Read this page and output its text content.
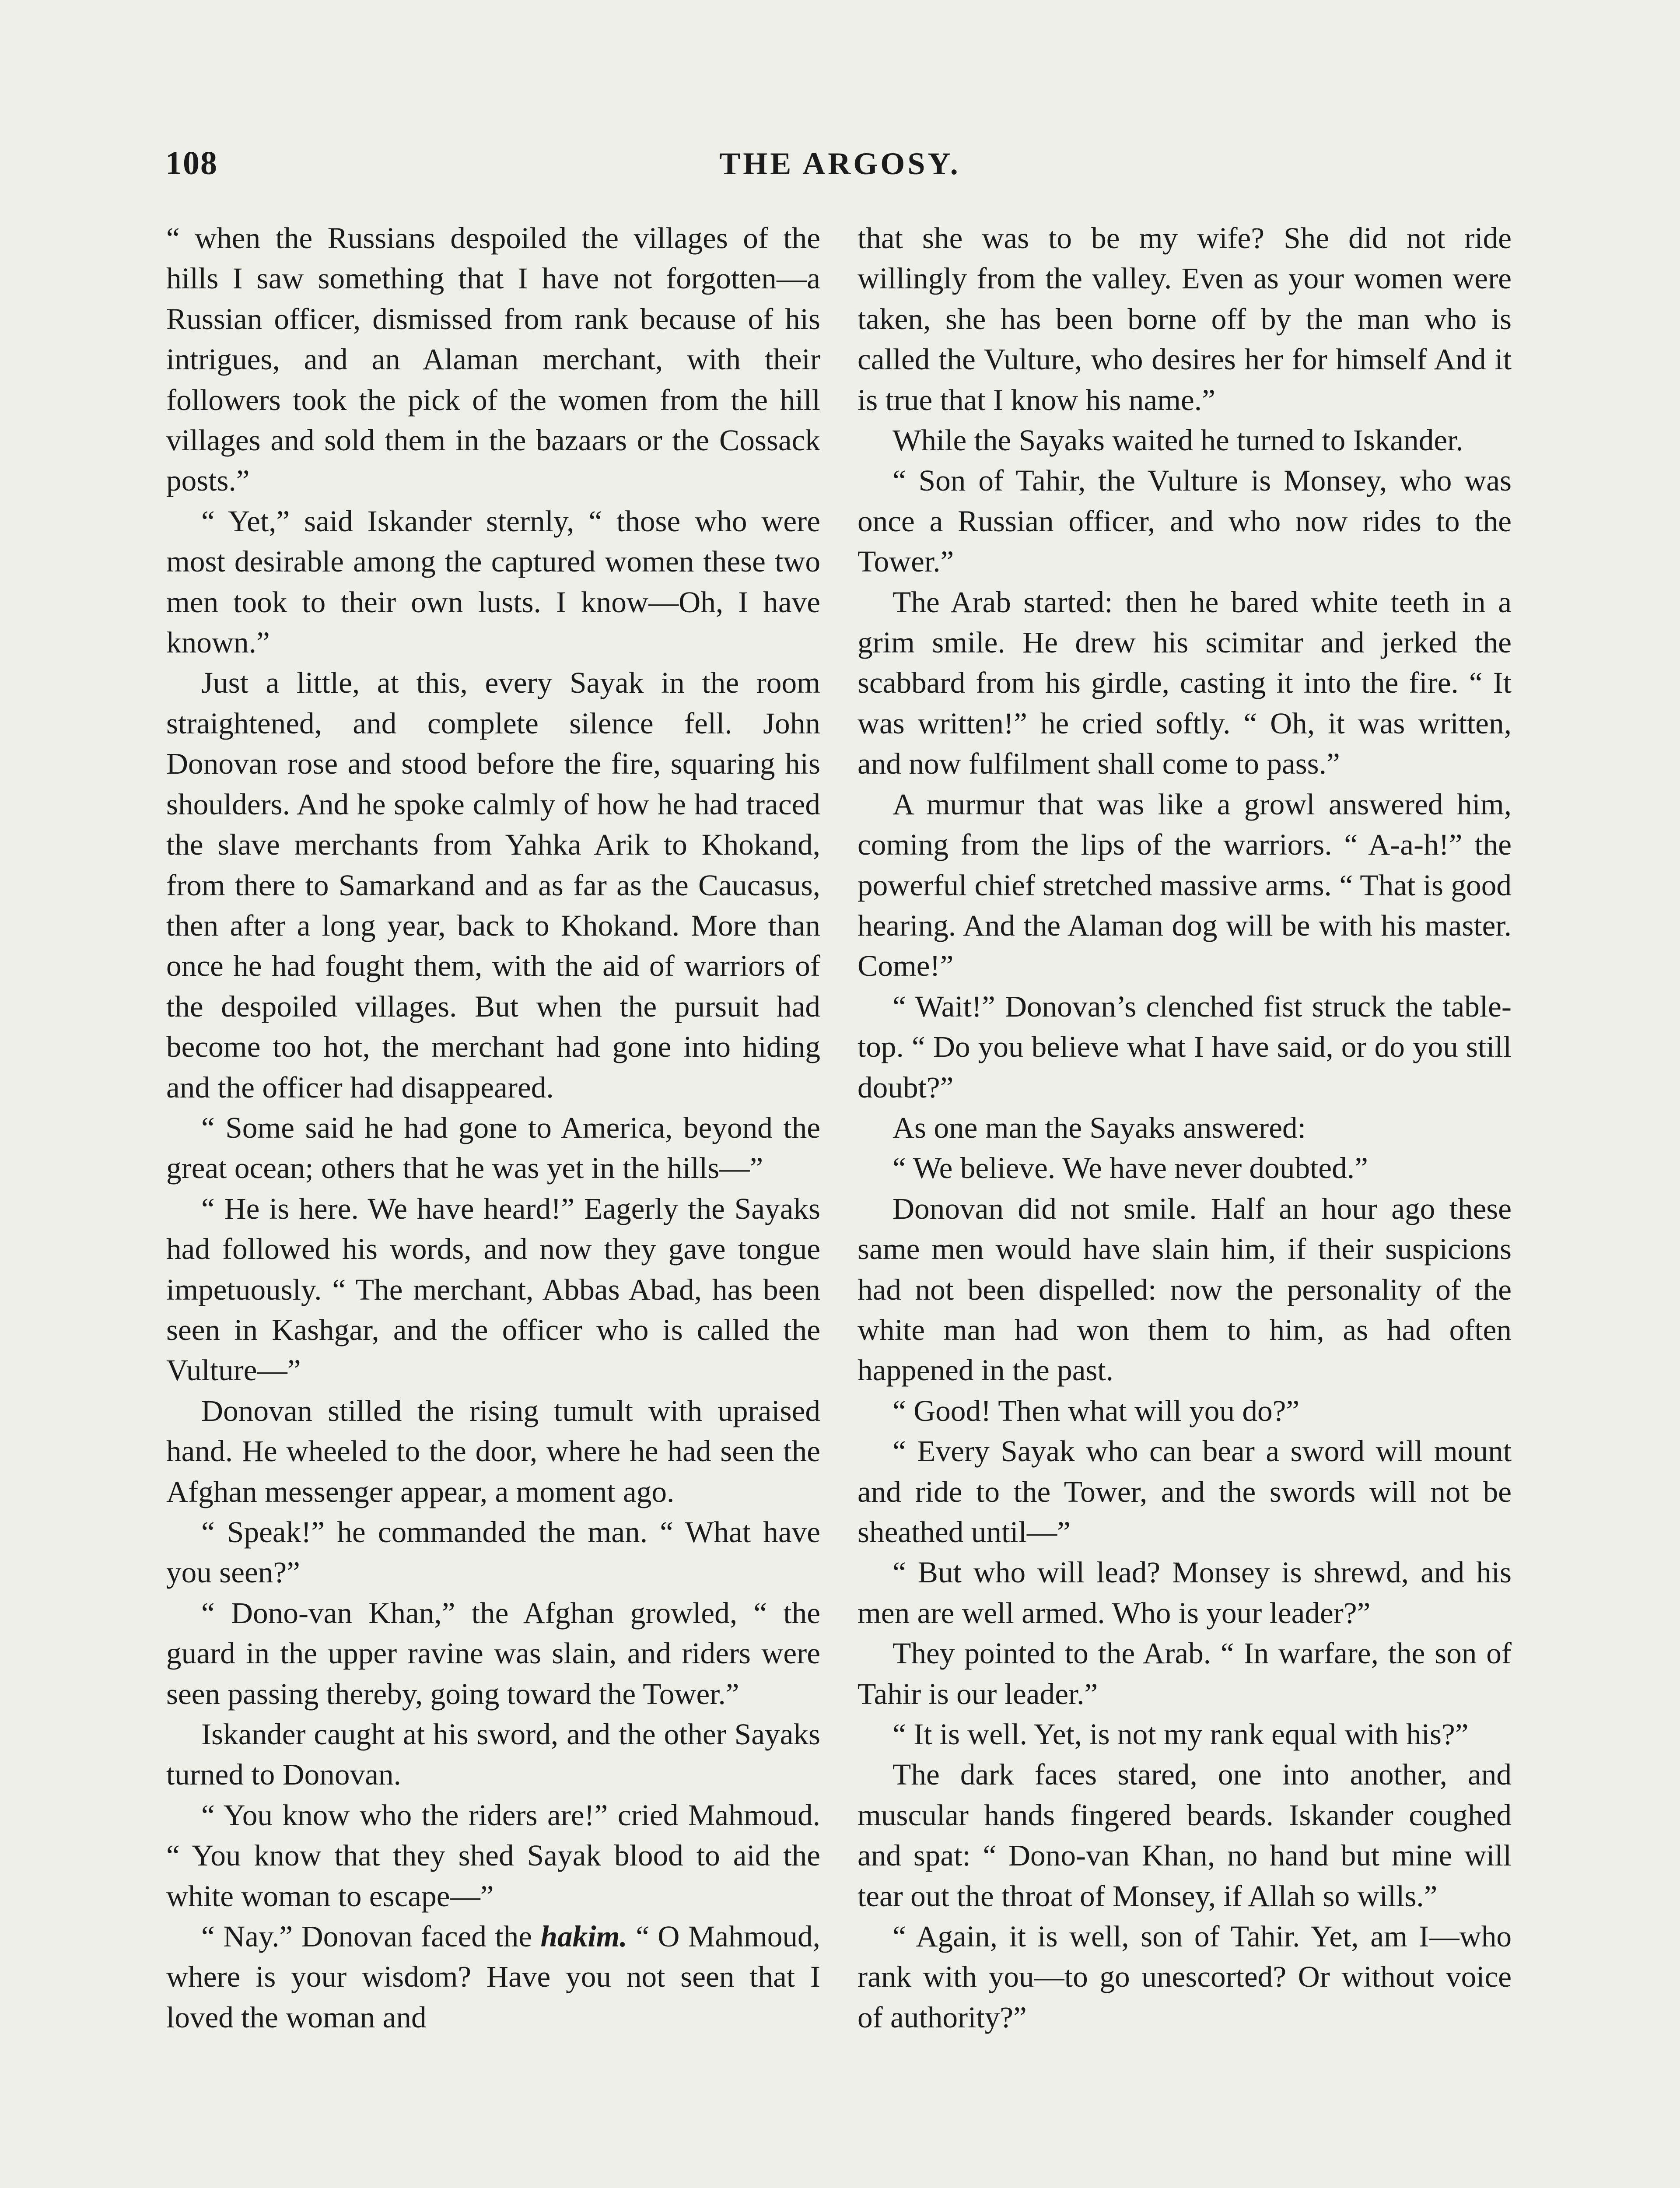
108	THE ARGOSY.

“ when the Russians despoiled the villages of the hills I saw something that I have not forgotten—a Russian officer, dismissed from rank because of his intrigues, and an Alaman merchant, with their followers took the pick of the women from the hill villages and sold them in the bazaars or the Cossack posts.”

“ Yet,” said Iskander sternly, “ those who were most desirable among the captured women these two men took to their own lusts. I know—Oh, I have known.”

Just a little, at this, every Sayak in the room straightened, and complete silence fell. John Donovan rose and stood before the fire, squaring his shoulders. And he spoke calmly of how he had traced the slave merchants from Yahka Arik to Khokand, from there to Samarkand and as far as the Caucasus, then after a long year, back to Khokand. More than once he had fought them, with the aid of warriors of the despoiled villages. But when the pursuit had become too hot, the merchant had gone into hiding and the officer had disappeared.

“ Some said he had gone to America, beyond the great ocean; others that he was yet in the hills—”

“ He is here. We have heard!” Eagerly the Sayaks had followed his words, and now they gave tongue impetuously. “ The merchant, Abbas Abad, has been seen in Kashgar, and the officer who is called the Vulture—”

Donovan stilled the rising tumult with upraised hand. He wheeled to the door, where he had seen the Afghan messenger appear, a moment ago.

“ Speak!” he commanded the man. “ What have you seen?”

“ Dono-van Khan,” the Afghan growled, “ the guard in the upper ravine was slain, and riders were seen passing thereby, going toward the Tower.”

Iskander caught at his sword, and the other Sayaks turned to Donovan.

“ You know who the riders are!” cried Mahmoud. “ You know that they shed Sayak blood to aid the white woman to escape—”

“ Nay.” Donovan faced the hakim. “ O Mahmoud, where is your wisdom? Have you not seen that I loved the woman and

that she was to be my wife? She did not ride willingly from the valley. Even as your women were taken, she has been borne off by the man who is called the Vulture, who desires her for himself And it is true that I know his name.”

While the Sayaks waited he turned to Iskander.

“ Son of Tahir, the Vulture is Monsey, who was once a Russian officer, and who now rides to the Tower.”

The Arab started: then he bared white teeth in a grim smile. He drew his scimitar and jerked the scabbard from his girdle, casting it into the fire. “ It was written!” he cried softly. “ Oh, it was written, and now fulfilment shall come to pass.”

A murmur that was like a growl answered him, coming from the lips of the warriors. “ A-a-h!” the powerful chief stretched massive arms. “ That is good hearing. And the Alaman dog will be with his master. Come!”

“ Wait!” Donovan’s clenched fist struck the table-top. “ Do you believe what I have said, or do you still doubt?”

As one man the Sayaks answered:

“ We believe. We have never doubted.”

Donovan did not smile. Half an hour ago these same men would have slain him, if their suspicions had not been dispelled: now the personality of the white man had won them to him, as had often happened in the past.

“ Good! Then what will you do?”

“ Every Sayak who can bear a sword will mount and ride to the Tower, and the swords will not be sheathed until—”

“ But who will lead? Monsey is shrewd, and his men are well armed. Who is your leader?”

They pointed to the Arab. “ In warfare, the son of Tahir is our leader.”

“ It is well. Yet, is not my rank equal with his?”

The dark faces stared, one into another, and muscular hands fingered beards. Iskander coughed and spat: “ Dono-van Khan, no hand but mine will tear out the throat of Monsey, if Allah so wills.”

“ Again, it is well, son of Tahir. Yet, am I—who rank with you—to go unescorted? Or without voice of authority?”
